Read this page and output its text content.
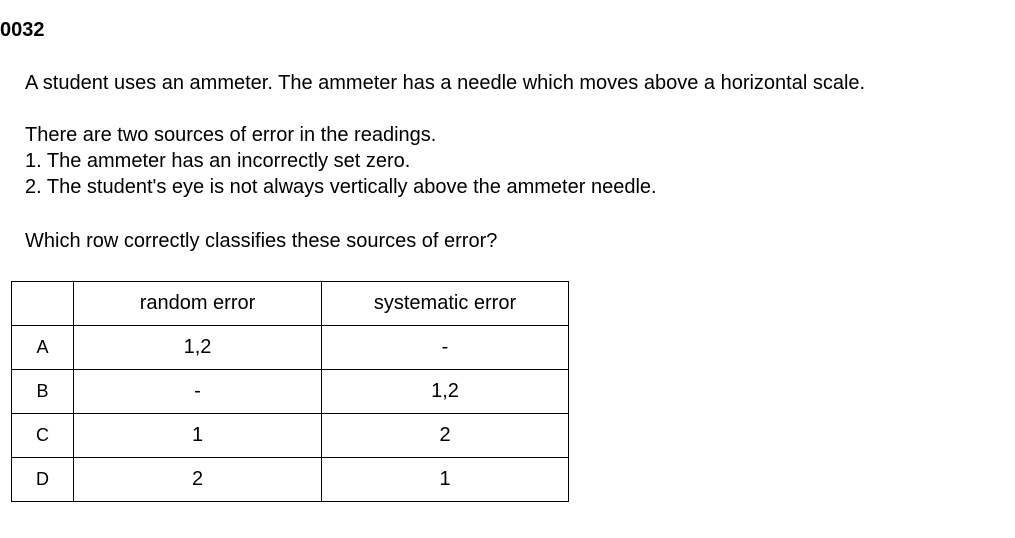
0032
A student uses an ammeter. The ammeter has a needle which moves above a horizontal scale.
There are two sources of error in the readings.
1. The ammeter has an incorrectly set zero.
2. The student's eye is not always vertically above the ammeter needle.
Which row correctly classifies these sources of error?
	random error	systematic error
A	1,2	-
B	-	1,2
C	1	2
D	2	1
